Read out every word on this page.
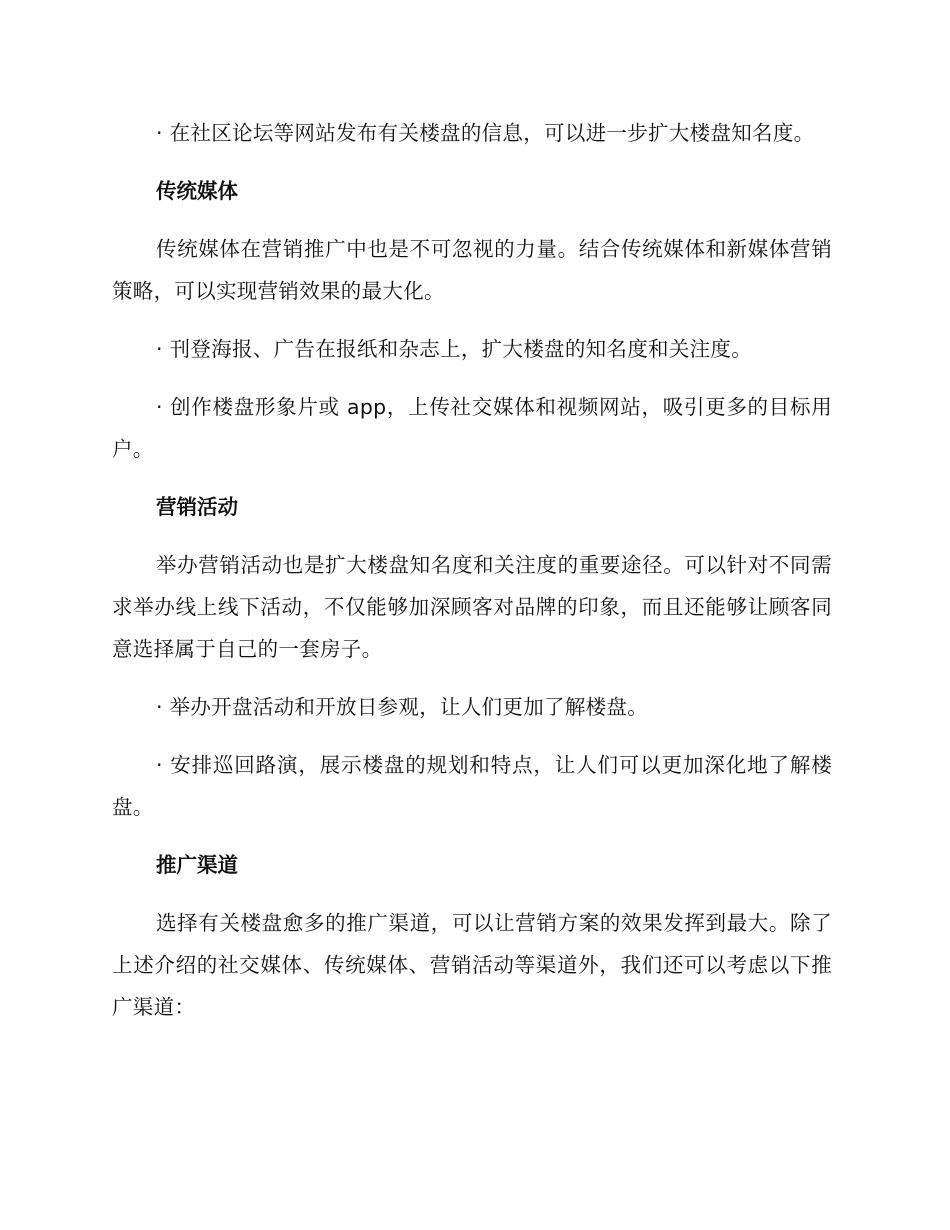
· 在社区论坛等网站发布有关楼盘的信息，可以进一步扩大楼盘知名度。

传统媒体

传统媒体在营销推广中也是不可忽视的力量。结合传统媒体和新媒体营销策略，可以实现营销效果的最大化。

· 刊登海报、广告在报纸和杂志上，扩大楼盘的知名度和关注度。

· 创作楼盘形象片或 app，上传社交媒体和视频网站，吸引更多的目标用户。

营销活动

举办营销活动也是扩大楼盘知名度和关注度的重要途径。可以针对不同需求举办线上线下活动，不仅能够加深顾客对品牌的印象，而且还能够让顾客同意选择属于自己的一套房子。

· 举办开盘活动和开放日参观，让人们更加了解楼盘。

· 安排巡回路演，展示楼盘的规划和特点，让人们可以更加深化地了解楼盘。

推广渠道

选择有关楼盘愈多的推广渠道，可以让营销方案的效果发挥到最大。除了上述介绍的社交媒体、传统媒体、营销活动等渠道外，我们还可以考虑以下推广渠道：
